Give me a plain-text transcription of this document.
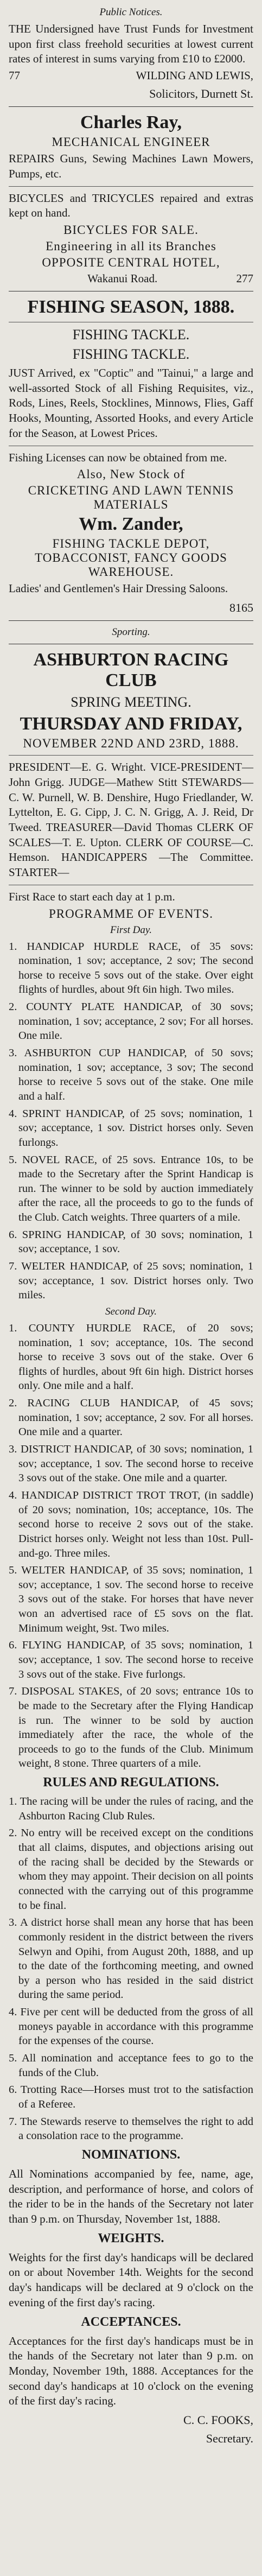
Public Notices.
THE Undersigned have Trust Funds for Investment upon first class freehold securities at lowest current rates of interest in sums varying from £10 to £2000.
77	WILDING AND LEWIS,
Solicitors, Durnett St.
Charles Ray,
MECHANICAL ENGINEER
REPAIRS Guns, Sewing Machines Lawn Mowers, Pumps, etc.
BICYCLES and TRICYCLES repaired and extras kept on hand.
BICYCLES FOR SALE.
Engineering in all its Branches
OPPOSITE CENTRAL HOTEL,
Wakanui Road.	277
FISHING SEASON, 1888.
FISHING TACKLE.
FISHING TACKLE.
JUST Arrived, ex "Coptic" and "Tainui," a large and well-assorted Stock of all Fishing Requisites, viz., Rods, Lines, Reels, Stocklines, Minnows, Flies, Gaff Hooks, Mounting, Assorted Hooks, and every Article for the Season, at Lowest Prices.
Fishing Licenses can now be obtained from me.
Also, New Stock of
CRICKETING AND LAWN TENNIS MATERIALS
Wm. Zander,
FISHING TACKLE DEPOT, TOBACCONIST, FANCY GOODS WAREHOUSE.
Ladies' and Gentlemen's Hair Dressing Saloons.
8165
Sporting.
ASHBURTON RACING CLUB
SPRING MEETING.
THURSDAY AND FRIDAY,
NOVEMBER 22ND AND 23RD, 1888.
PRESIDENT—E. G. Wright. VICE-PRESIDENT—John Grigg. JUDGE—Mathew Stitt STEWARDS—C. W. Purnell, W. B. Denshire, Hugo Friedlander, W. Lyttelton, E. G. Cipp, J. C. N. Grigg, A. J. Reid, Dr Tweed. TREASURER—David Thomas CLERK OF SCALES—T. E. Upton. CLERK OF COURSE—C. Hemson. HANDICAPPERS —The Committee. STARTER—
First Race to start each day at 1 p.m.
PROGRAMME OF EVENTS.
First Day.
1. HANDICAP HURDLE RACE, of 35 sovs: nomination, 1 sov; acceptance, 2 sov; The second horse to receive 5 sovs out of the stake. Over eight flights of hurdles, about 9ft 6in high. Two miles.
2. COUNTY PLATE HANDICAP, of 30 sovs; nomination, 1 sov; acceptance, 2 sov; For all horses. One mile.
3. ASHBURTON CUP HANDICAP, of 50 sovs; nomination, 1 sov; acceptance, 3 sov; The second horse to receive 5 sovs out of the stake. One mile and a half.
4. SPRINT HANDICAP, of 25 sovs; nomination, 1 sov; acceptance, 1 sov. District horses only. Seven furlongs.
5. NOVEL RACE, of 25 sovs. Entrance 10s, to be made to the Secretary after the Sprint Handicap is run. The winner to be sold by auction immediately after the race, all the proceeds to go to the funds of the Club. Catch weights. Three quarters of a mile.
6. SPRING HANDICAP, of 30 sovs; nomination, 1 sov; acceptance, 1 sov.
7. WELTER HANDICAP, of 25 sovs; nomination, 1 sov; acceptance, 1 sov. District horses only. Two miles.
Second Day.
1. COUNTY HURDLE RACE, of 20 sovs; nomination, 1 sov; acceptance, 10s. The second horse to receive 3 sovs out of the stake. Over 6 flights of hurdles, about 9ft 6in high. District horses only. One mile and a half.
2. RACING CLUB HANDICAP, of 45 sovs; nomination, 1 sov; acceptance, 2 sov. For all horses. One mile and a quarter.
3. DISTRICT HANDICAP, of 30 sovs; nomination, 1 sov; acceptance, 1 sov. The second horse to receive 3 sovs out of the stake. One mile and a quarter.
4. HANDICAP DISTRICT TROT TROT, (in saddle) of 20 sovs; nomination, 10s; acceptance, 10s. The second horse to receive 2 sovs out of the stake. District horses only. Weight not less than 10st. Pull-and-go. Three miles.
5. WELTER HANDICAP, of 35 sovs; nomination, 1 sov; acceptance, 1 sov. The second horse to receive 3 sovs out of the stake. For horses that have never won an advertised race of £5 sovs on the flat. Minimum weight, 9st. Two miles.
6. FLYING HANDICAP, of 35 sovs; nomination, 1 sov; acceptance, 1 sov. The second horse to receive 3 sovs out of the stake. Five furlongs.
7. DISPOSAL STAKES, of 20 sovs; entrance 10s to be made to the Secretary after the Flying Handicap is run. The winner to be sold by auction immediately after the race, the whole of the proceeds to go to the funds of the Club. Minimum weight, 8 stone. Three quarters of a mile.
RULES AND REGULATIONS.
1. The racing will be under the rules of racing, and the Ashburton Racing Club Rules.
2. No entry will be received except on the conditions that all claims, disputes, and objections arising out of the racing shall be decided by the Stewards or whom they may appoint. Their decision on all points connected with the carrying out of this programme to be final.
3. A district horse shall mean any horse that has been commonly resident in the district between the rivers Selwyn and Opihi, from August 20th, 1888, and up to the date of the forthcoming meeting, and owned by a person who has resided in the said district during the same period.
4. Five per cent will be deducted from the gross of all moneys payable in accordance with this programme for the expenses of the course.
5. All nomination and acceptance fees to go to the funds of the Club.
6. Trotting Race—Horses must trot to the satisfaction of a Referee.
7. The Stewards reserve to themselves the right to add a consolation race to the programme.
NOMINATIONS.
All Nominations accompanied by fee, name, age, description, and performance of horse, and colors of the rider to be in the hands of the Secretary not later than 9 p.m. on Thursday, November 1st, 1888.
WEIGHTS.
Weights for the first day's handicaps will be declared on or about November 14th. Weights for the second day's handicaps will be declared at 9 o'clock on the evening of the first day's racing.
ACCEPTANCES.
Acceptances for the first day's handicaps must be in the hands of the Secretary not later than 9 p.m. on Monday, November 19th, 1888. Acceptances for the second day's handicaps at 10 o'clock on the evening of the first day's racing.
C. C. FOOKS,
Secretary.
